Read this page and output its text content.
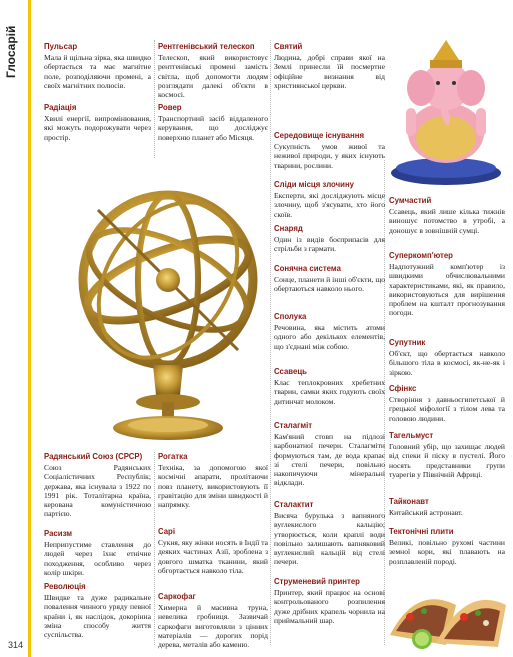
Глосарій
314
Пульсар
Мала й щільна зірка, яка швидко обертається та має магнітне поле, розподіляючи промені, а своїх магнітних полюсів.
Радіація
Хвилі енергії, випромінювання, які можуть подорожувати через простір.
Рентгенівський телескоп
Телескоп, який використовує рентгенівські промені замість світла, щоб допомогти людям розглядати далекі об'єкти в космосі.
Ровер
Транспортний засіб віддаленого керування, що досліджує поверхню планет або Місяця.
Радянський Союз (СРСР)
Союз Радянських Соціалістичних Республік; держава, яка існувала з 1922 по 1991 рік. Тоталітарна країна, керована комуністичною партією.
Расизм
Неприпустиме ставлення до людей через їхнє етнічне походження, особливо через колір шкіри.
Революція
Швидке та дуже радикальне повалення чинного уряду певної країни і, як наслідок, докорінна зміна способу життя суспільства.
Рогатка
Техніка, за допомогою якої космічні апарати, пролітаючи повз планету, використовують її гравітацію для зміни швидкості й напрямку.
Сарі
Сукня, яку жінки носять в Індії та деяких частинах Азії, зроблена з довгого шматка тканини, який обгортається навколо тіла.
Саркофаг
Химерна й масивна труна, невелика гробниця. Зазвичай саркофаги виготовляли з цінних матеріалів — дорогих порід дерева, металів або каменю.
Святий
Людина, добрі справи якої на Землі принесли їй посмертне офіційне визнання від християнської церкви.
Середовище існування
Сукупність умов живої та неживої природи, у яких існують тварини, рослини.
Сліди місця злочину
Експерти, які досліджують місце злочину, щоб з'ясувати, хто його скоїв.
Снаряд
Один із видів боєприпасів для стрільби з гармати.
Сонячна система
Сонце, планети й інші об'єкти, що обертаються навколо нього.
Сполука
Речовина, яка містить атоми одного або декількох елементів, що з'єднані між собою.
Ссавець
Клас теплокровних хребетних тварин, самки яких годують своїх дитинчат молоком.
Сталагміт
Кам'яний стовп на підлозі карбонатної печери. Сталагміти формуються там, де вода крапає зі стелі печери, повільно накопичуючи мінеральні відклади.
Сталактит
Висяча бурулька з вапняного вуглекислого кальцію; утворюється, коли краплі води повільно залишають вапняковий вуглекислий кальцій від стелі печери.
Струменевий принтер
Принтер, який працює на основі контрольованого розпилення дуже дрібних крапель чорнила на приймальний шар.
Сумчастий
Ссавець, який лише кілька тижнів виношує потомство в утробі, а доношує в зовнішній сумці.
Суперкомп'ютер
Надпотужний комп'ютер із швидкими обчислювальними характеристиками, які, як правило, використовуються для вирішення проблем на кшталт прогнозування погоди.
Супутник
Об'єкт, що обертається навколо більшого тіла в космосі, як-не-як і зіркою.
Сфінкс
Створіння з давньоєгипетської й грецької міфології з тілом лева та головою людини.
Тагельмуст
Головний убір, що захищає людей від спеки й піску в пустелі. Його носять представники групи туарегів у Північній Африці.
Тайконавт
Китайський астронавт.
Тектонічні плити
Великі, повільно рухомі частини земної кори, які плавають на розплавленій породі.
